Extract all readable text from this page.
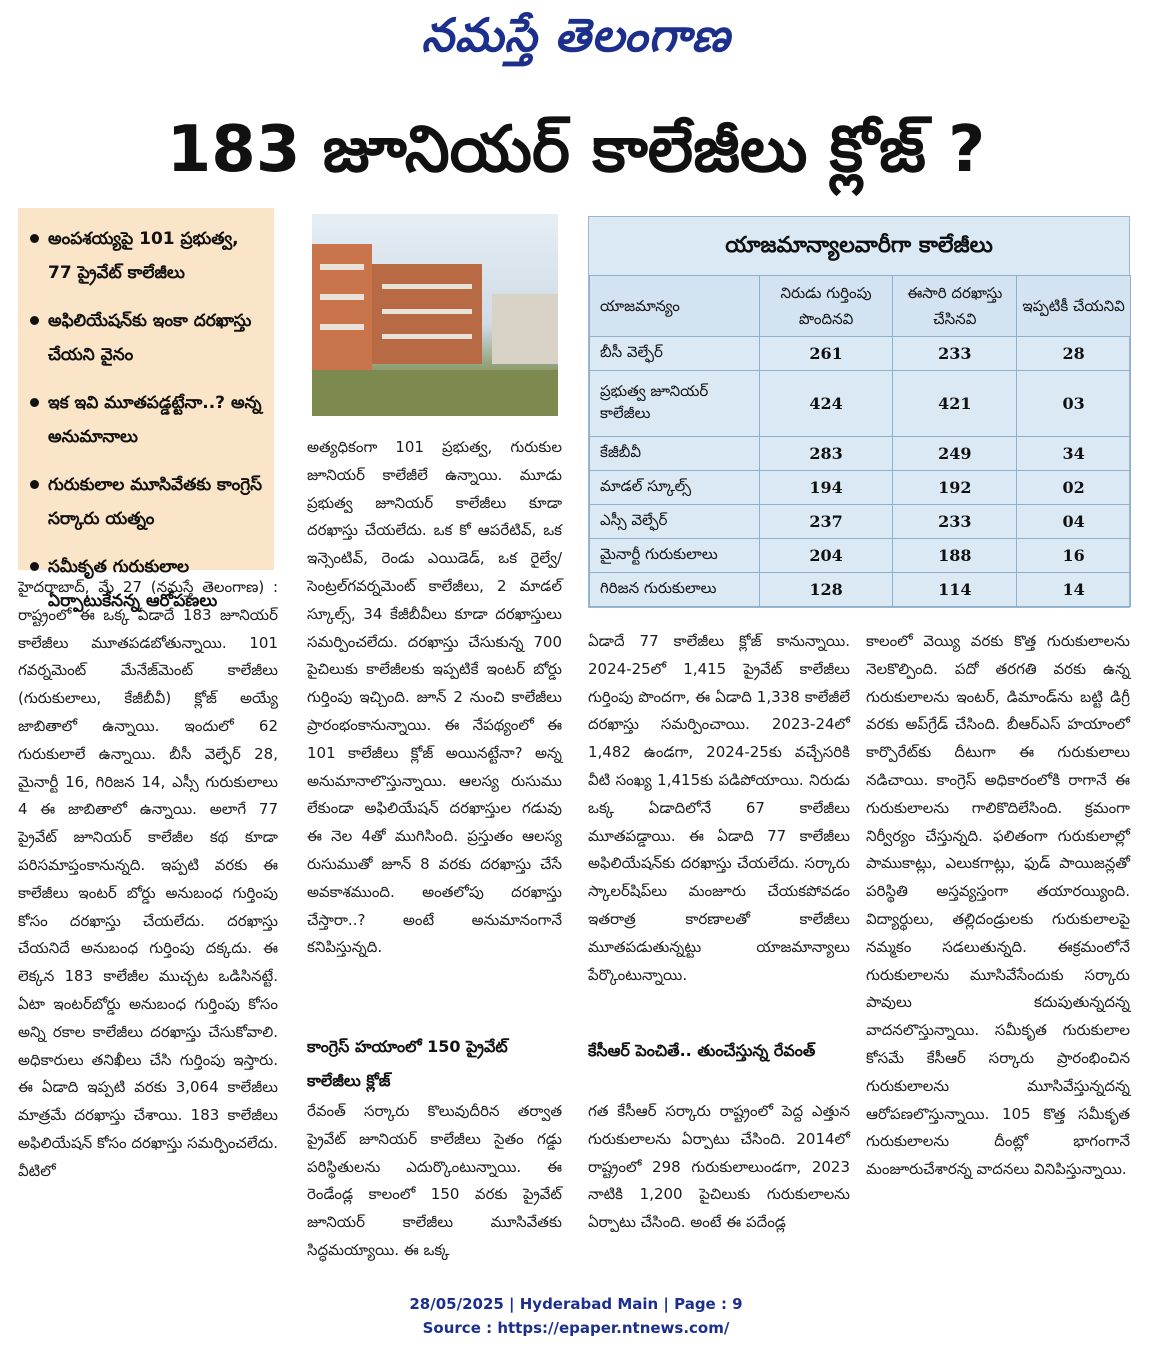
నమస్తే తెలంగాణ
183 జూనియర్ కాలేజీలు క్లోజ్ ?
అంపశయ్యపై 101 ప్రభుత్వ, 77 ప్రైవేట్ కాలేజీలు
అఫిలియేషన్‌కు ఇంకా దరఖాస్తు చేయని వైనం
ఇక ఇవి మూతపడ్డట్టేనా..? అన్న అనుమానాలు
గురుకులాల మూసివేతకు కాంగ్రెస్ సర్కారు యత్నం
సమీకృత గురుకులాల ఏర్పాటుకేనన్న ఆరోపణలు

హైదరాబాద్, మే 27 (నమస్తే తెలంగాణ) : రాష్ట్రంలో ఈ ఒక్క ఏడాదే 183 జూనియర్ కాలేజీలు మూతపడబోతున్నాయి. 101 గవర్నమెంట్ మేనేజ్‌మెంట్ కాలేజీలు (గురుకులాలు, కేజీబీవీ) క్లోజ్ అయ్యే జాబితాలో ఉన్నాయి. ఇందులో 62 గురుకులాలే ఉన్నాయి. బీసీ వెల్ఫేర్ 28, మైనార్టీ 16, గిరిజన 14, ఎస్సీ గురుకులాలు 4 ఈ జాబితాలో ఉన్నాయి. అలాగే 77 ప్రైవేట్ జూనియర్ కాలేజీల కథ కూడా పరిసమాప్తంకానున్నది. ఇప్పటి వరకు ఈ కాలేజీలు ఇంటర్ బోర్డు అనుబంధ గుర్తింపు కోసం దరఖాస్తు చేయలేదు. దరఖాస్తు చేయనిదే అనుబంధ గుర్తింపు దక్కదు. ఈ లెక్కన 183 కాలేజీల ముచ్చట ఒడిసినట్టే. ఏటా ఇంటర్‌బోర్డు అనుబంధ గుర్తింపు కోసం అన్ని రకాల కాలేజీలు దరఖాస్తు చేసుకోవాలి. అధికారులు తనిఖీలు చేసి గుర్తింపు ఇస్తారు. ఈ ఏడాది ఇప్పటి వరకు 3,064 కాలేజీలు మాత్రమే దరఖాస్తు చేశాయి. 183 కాలేజీలు అఫిలియేషన్ కోసం దరఖాస్తు సమర్పించలేదు. వీటిలో

అత్యధికంగా 101 ప్రభుత్వ, గురుకుల జూనియర్ కాలేజీలే ఉన్నాయి. మూడు ప్రభుత్వ జూనియర్ కాలేజీలు కూడా దరఖాస్తు చేయలేదు. ఒక కో ఆపరేటివ్, ఒక ఇన్సెంటివ్, రెండు ఎయిడెడ్, ఒక రైల్వే/సెంట్రల్‌గవర్నమెంట్ కాలేజీలు, 2 మాడల్ స్కూల్స్, 34 కేజీబీవీలు కూడా దరఖాస్తులు సమర్పించలేదు. దరఖాస్తు చేసుకున్న 700 పైచిలుకు కాలేజీలకు ఇప్పటికే ఇంటర్ బోర్డు గుర్తింపు ఇచ్చింది. జూన్ 2 నుంచి కాలేజీలు ప్రారంభంకానున్నాయి. ఈ నేపథ్యంలో ఈ 101 కాలేజీలు క్లోజ్ అయినట్టేనా? అన్న అనుమానాలొస్తున్నాయి. ఆలస్య రుసుము లేకుండా అఫిలియేషన్ దరఖాస్తుల గడువు ఈ నెల 4తో ముగిసింది. ప్రస్తుతం ఆలస్య రుసుముతో జూన్ 8 వరకు దరఖాస్తు చేసే అవకాశముంది. అంతలోపు దరఖాస్తు చేస్తారా..? అంటే అనుమానంగానే కనిపిస్తున్నది.

కాంగ్రెస్ హయాంలో 150 ప్రైవేట్ కాలేజీలు క్లోజ్

రేవంత్ సర్కారు కొలువుదీరిన తర్వాత ప్రైవేట్ జూనియర్ కాలేజీలు సైతం గడ్డు పరిస్థితులను ఎదుర్కొంటున్నాయి. ఈ రెండేండ్ల కాలంలో 150 వరకు ప్రైవేట్ జూనియర్ కాలేజీలు మూసివేతకు సిద్ధమయ్యాయి. ఈ ఒక్క

యాజమాన్యాలవారీగా కాలేజీలు
యాజమాన్యం	నిరుడు గుర్తింపు పొందినవి	ఈసారి దరఖాస్తు చేసినవి	ఇప్పటికీ చేయనివి
బీసీ వెల్ఫేర్	261	233	28
ప్రభుత్వ జూనియర్ కాలేజీలు	424	421	03
కేజీబీవీ	283	249	34
మాడల్ స్కూల్స్	194	192	02
ఎస్సీ వెల్ఫేర్	237	233	04
మైనార్టీ గురుకులాలు	204	188	16
గిరిజన గురుకులాలు	128	114	14

ఏడాదే 77 కాలేజీలు క్లోజ్ కానున్నాయి. 2024-25లో 1,415 ప్రైవేట్ కాలేజీలు గుర్తింపు పొందగా, ఈ ఏడాది 1,338 కాలేజీలే దరఖాస్తు సమర్పించాయి. 2023-24లో 1,482 ఉండగా, 2024-25కు వచ్చేసరికి వీటి సంఖ్య 1,415కు పడిపోయాయి. నిరుడు ఒక్క ఏడాదిలోనే 67 కాలేజీలు మూతపడ్డాయి. ఈ ఏడాది 77 కాలేజీలు అఫిలియేషన్‌కు దరఖాస్తు చేయలేదు. సర్కారు స్కాలర్‌షిప్‌లు మంజూరు చేయకపోవడం ఇతరాత్ర కారణాలతో కాలేజీలు మూతపడుతున్నట్టు యాజమాన్యాలు పేర్కొంటున్నాయి.

కేసీఆర్ పెంచితే.. తుంచేస్తున్న రేవంత్

గత కేసీఆర్ సర్కారు రాష్ట్రంలో పెద్ద ఎత్తున గురుకులాలను ఏర్పాటు చేసింది. 2014లో రాష్ట్రంలో 298 గురుకులాలుండగా, 2023 నాటికి 1,200 పైచిలుకు గురుకులాలను ఏర్పాటు చేసింది. అంటే ఈ పదేండ్ల

కాలంలో వెయ్యి వరకు కొత్త గురుకులాలను నెలకొల్పింది. పదో తరగతి వరకు ఉన్న గురుకులాలను ఇంటర్, డిమాండ్‌ను బట్టి డిగ్రీ వరకు అప్‌గ్రేడ్ చేసింది. బీఆర్‌ఎస్ హయాంలో కార్పొరేట్‌కు దీటుగా ఈ గురుకులాలు నడిచాయి. కాంగ్రెస్ అధికారంలోకి రాగానే ఈ గురుకులాలను గాలికొదిలేసింది. క్రమంగా నిర్వీర్యం చేస్తున్నది. ఫలితంగా గురుకులాల్లో పాముకాట్లు, ఎలుకగాట్లు, ఫుడ్ పాయిజన్లతో పరిస్థితి అస్తవ్యస్తంగా తయారయ్యింది. విద్యార్థులు, తల్లిదండ్రులకు గురుకులాలపై నమ్మకం సడలుతున్నది. ఈక్రమంలోనే గురుకులాలను మూసివేసేందుకు సర్కారు పావులు కదుపుతున్నదన్న వాదనలొస్తున్నాయి. సమీకృత గురుకులాల కోసమే కేసీఆర్ సర్కారు ప్రారంభించిన గురుకులాలను మూసివేస్తున్నదన్న ఆరోపణలొస్తున్నాయి. 105 కొత్త సమీకృత గురుకులాలను దీంట్లో భాగంగానే మంజూరుచేశారన్న వాదనలు వినిపిస్తున్నాయి.

28/05/2025 | Hyderabad Main | Page : 9
Source : https://epaper.ntnews.com/
